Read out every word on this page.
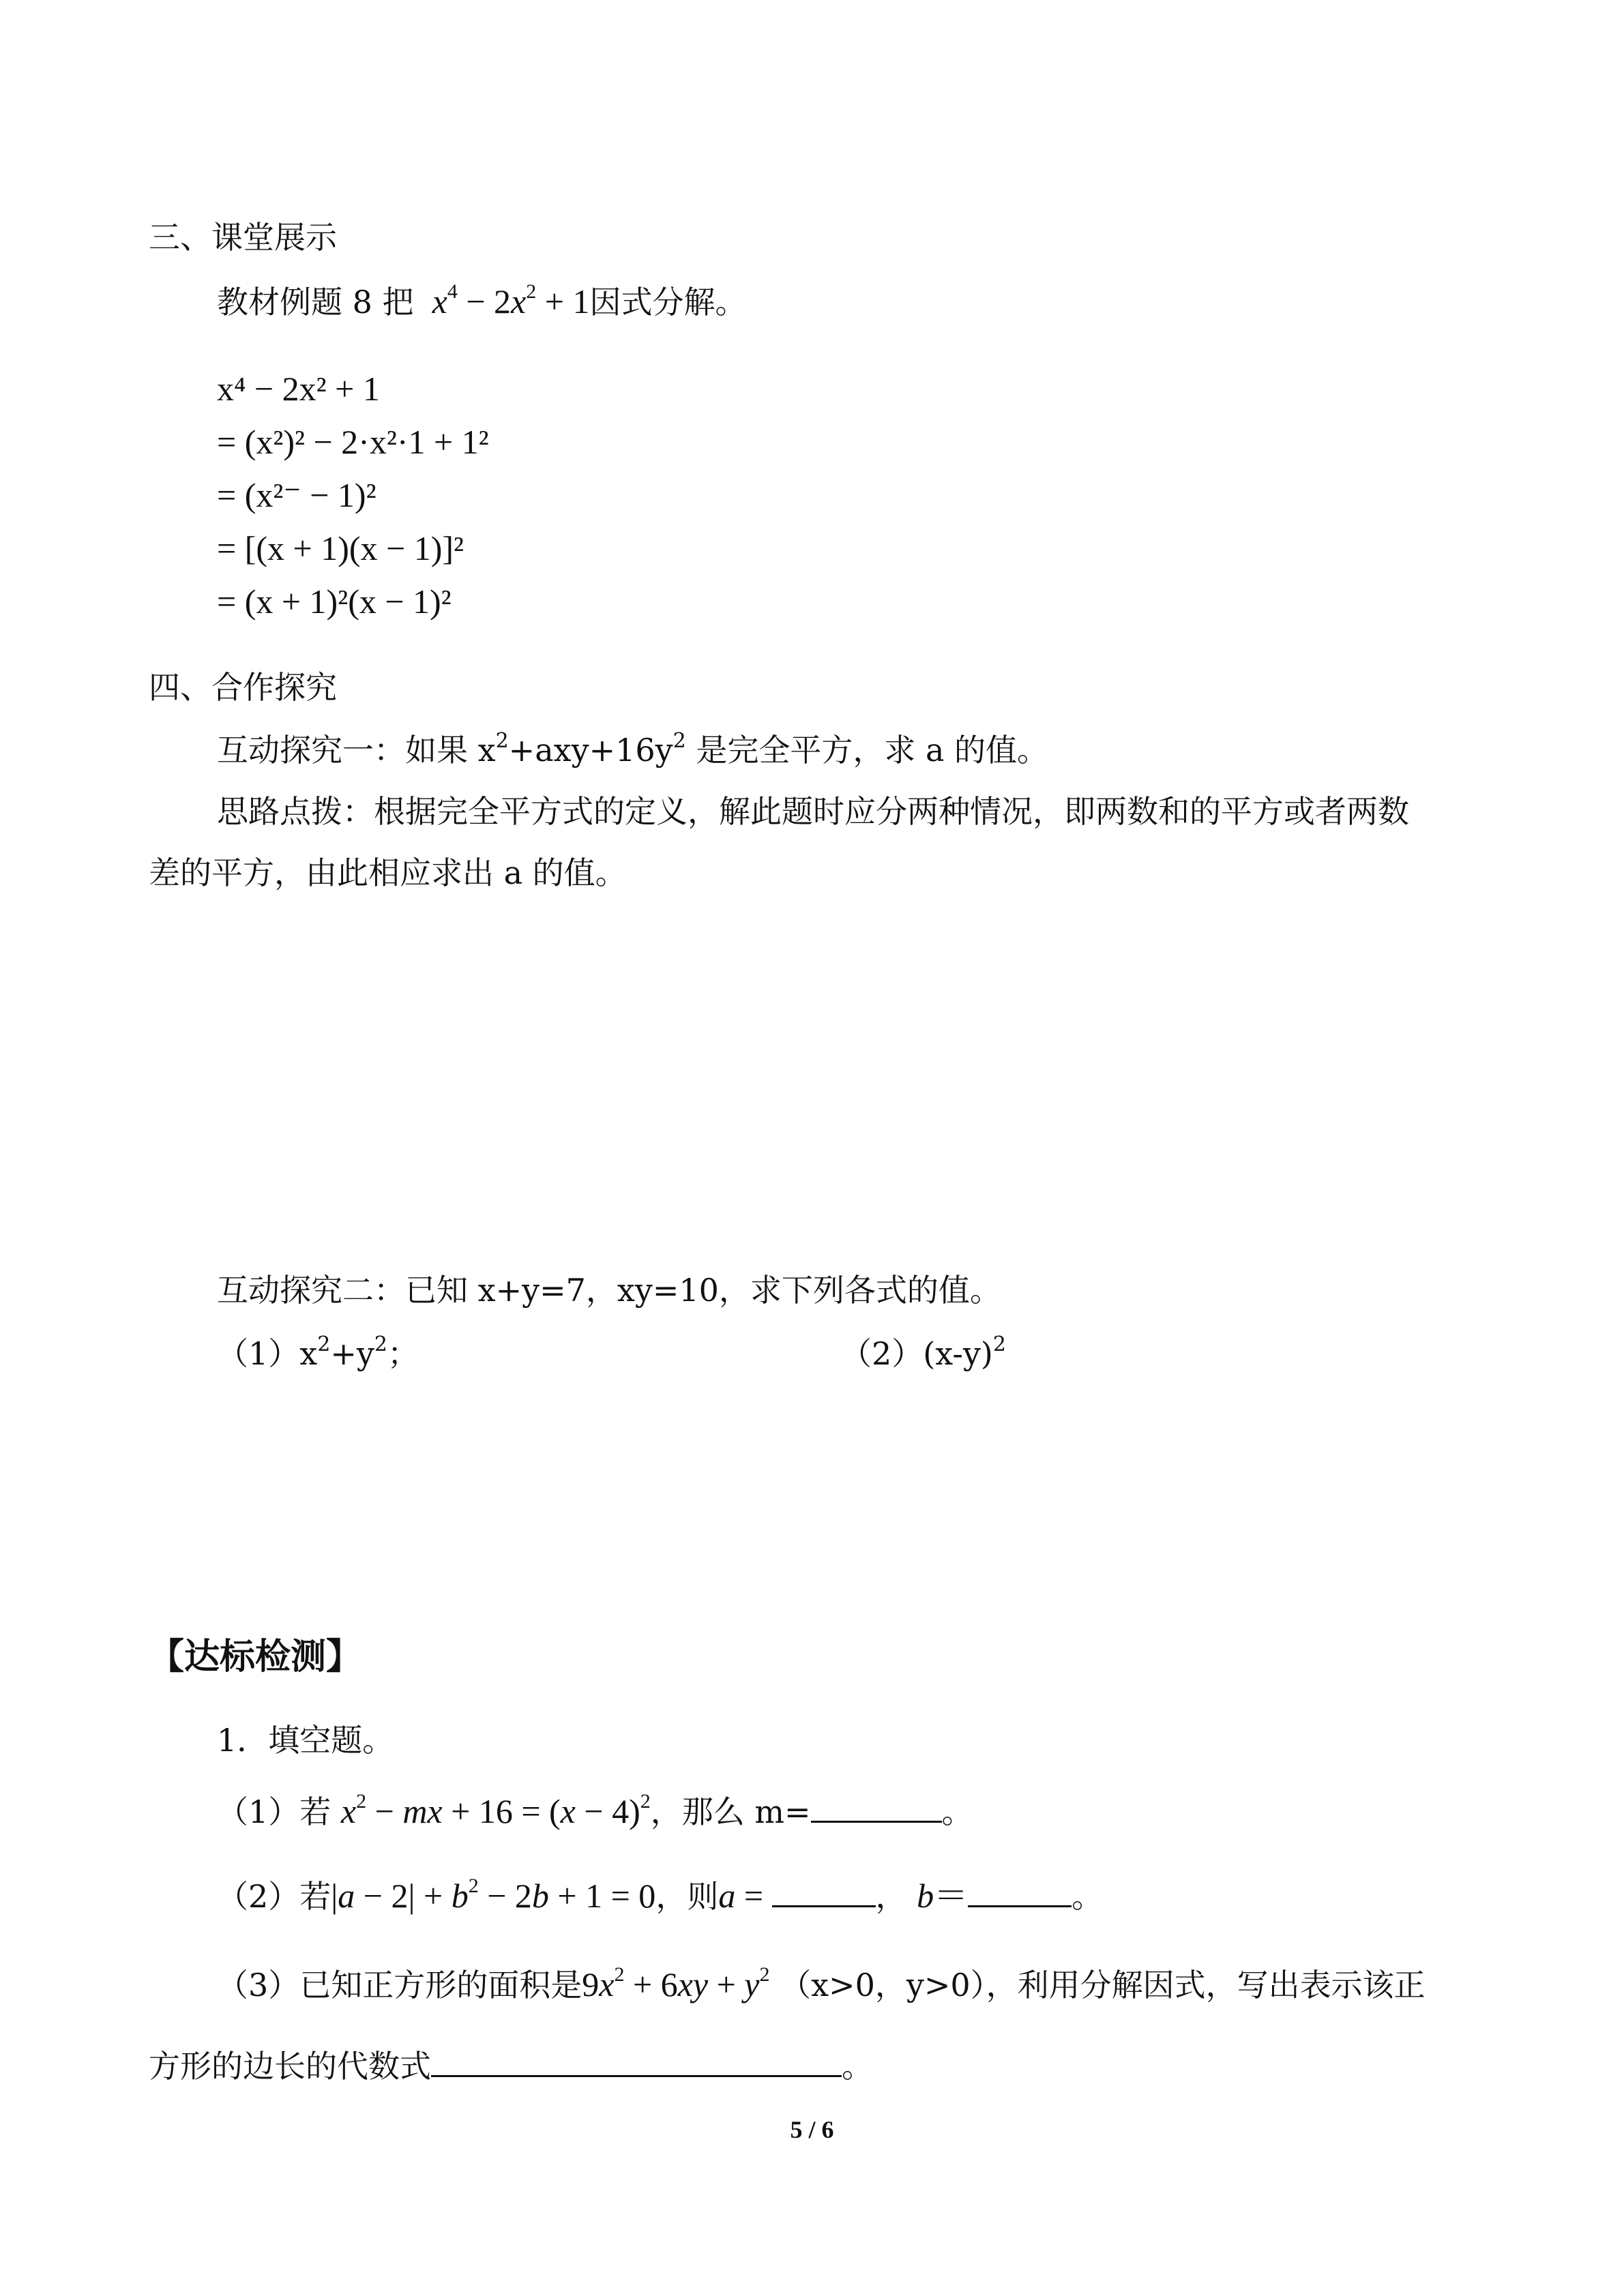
三、课堂展示
教材例题 8 把 $x^4 - 2x^2 + 1$因式分解。
x⁴ − 2x² + 1
= (x²)² − 2·x²·1 + 1²
= (x²⁻ − 1)²
= [(x + 1)(x − 1)]²
= (x + 1)²(x − 1)²
四、合作探究
互动探究一：如果 $x^2+axy+16y^2$ 是完全平方，求 a 的值。
思路点拨：根据完全平方式的定义，解此题时应分两种情况，即两数和的平方或者两数
差的平方，由此相应求出 a 的值。
互动探究二：已知 x+y=7，xy=10，求下列各式的值。
$(1)x^2+y^2$；	$(2)(x-y)^2$
【达标检测】
1．填空题。
（1）若 $x^2$ − mx + $16 = (x - 4)^2$，那么 m=	。
（2）若$|a - 2| + b^2 - 2b + 1 = 0$，则a =	， b＝	。
（3）已知正方形的面积是$9x^2 + 6xy + y^2$ （x>0，y>0），利用分解因式，写出表示该正
方形的边长的代数式	。
5 / 6
